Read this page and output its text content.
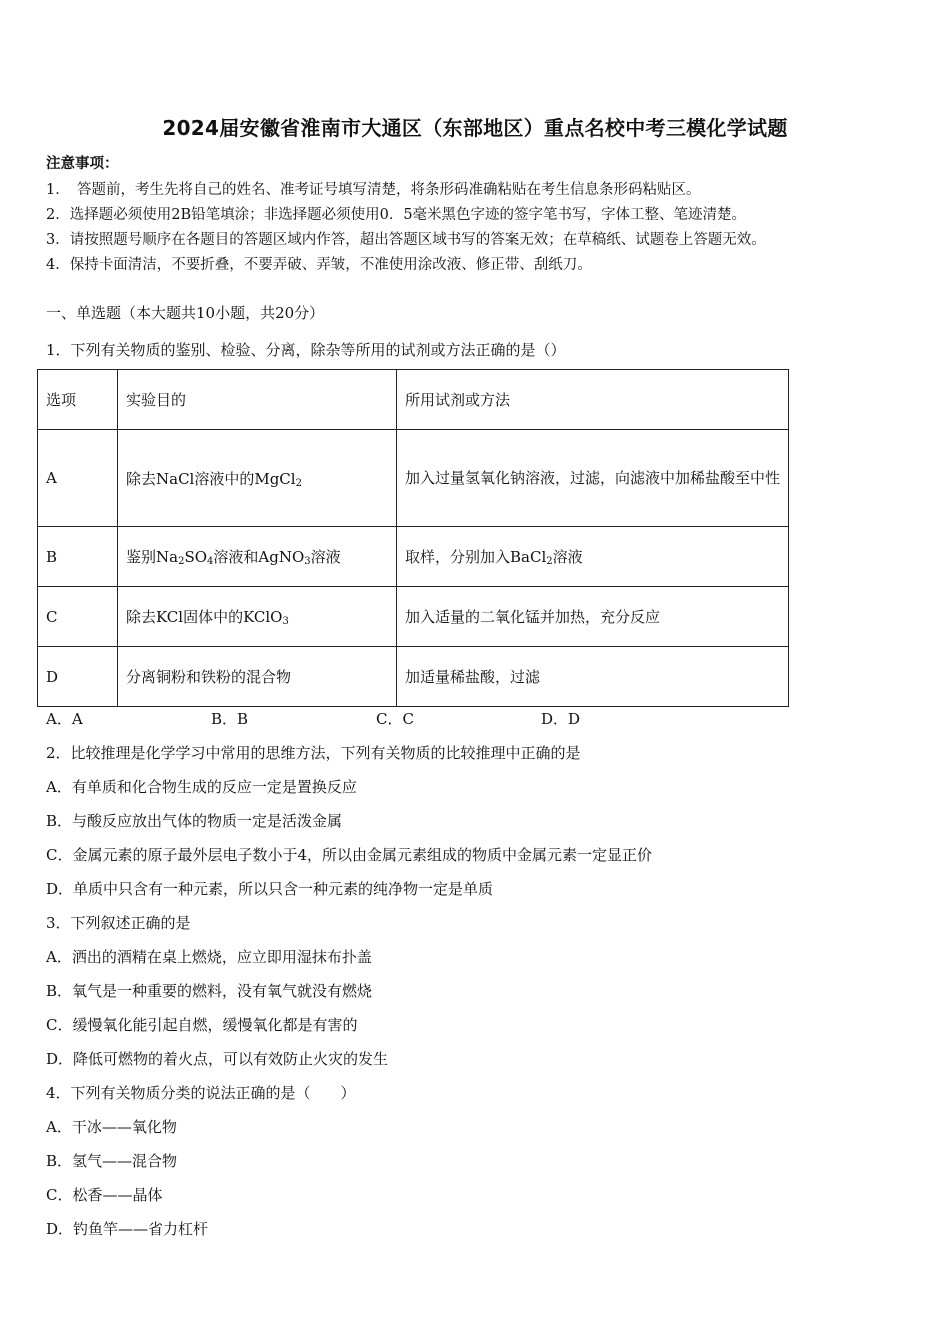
2024届安徽省淮南市大通区（东部地区）重点名校中考三模化学试题
注意事项：
1．　答题前，考生先将自己的姓名、准考证号填写清楚，将条形码准确粘贴在考生信息条形码粘贴区。
2．选择题必须使用2B铅笔填涂；非选择题必须使用0．5毫米黑色字迹的签字笔书写，字体工整、笔迹清楚。
3．请按照题号顺序在各题目的答题区域内作答，超出答题区域书写的答案无效；在草稿纸、试题卷上答题无效。
4．保持卡面清洁，不要折叠，不要弄破、弄皱，不准使用涂改液、修正带、刮纸刀。
一、单选题（本大题共10小题，共20分）
1．下列有关物质的鉴别、检验、分离，除杂等所用的试剂或方法正确的是（）
选项	实验目的	所用试剂或方法
A	除去NaCl溶液中的MgCl$_2$	加入过量氢氧化钠溶液，过滤，向滤液中加稀盐酸至中性
B	鉴别$Na_2SO_4$溶液和AgNO$_3$溶液	取样，分别加入BaCl$_2$溶液
C	除去KCl固体中的KClO$_3$	加入适量的二氧化锰并加热，充分反应
D	分离铜粉和铁粉的混合物	加适量稀盐酸，过滤
A．A	B．B	C．C	D．D
2．比较推理是化学学习中常用的思维方法，下列有关物质的比较推理中正确的是
A．有单质和化合物生成的反应一定是置换反应
B．与酸反应放出气体的物质一定是活泼金属
C．金属元素的原子最外层电子数小于4，所以由金属元素组成的物质中金属元素一定显正价
D．单质中只含有一种元素，所以只含一种元素的纯净物一定是单质
3．下列叙述正确的是
A．洒出的酒精在桌上燃烧，应立即用湿抹布扑盖
B．氧气是一种重要的燃料，没有氧气就没有燃烧
C．缓慢氧化能引起自燃，缓慢氧化都是有害的
D．降低可燃物的着火点，可以有效防止火灾的发生
4．下列有关物质分类的说法正确的是（　　）
A．干冰——氧化物
B．氢气——混合物
C．松香——晶体
D．钓鱼竿——省力杠杆
